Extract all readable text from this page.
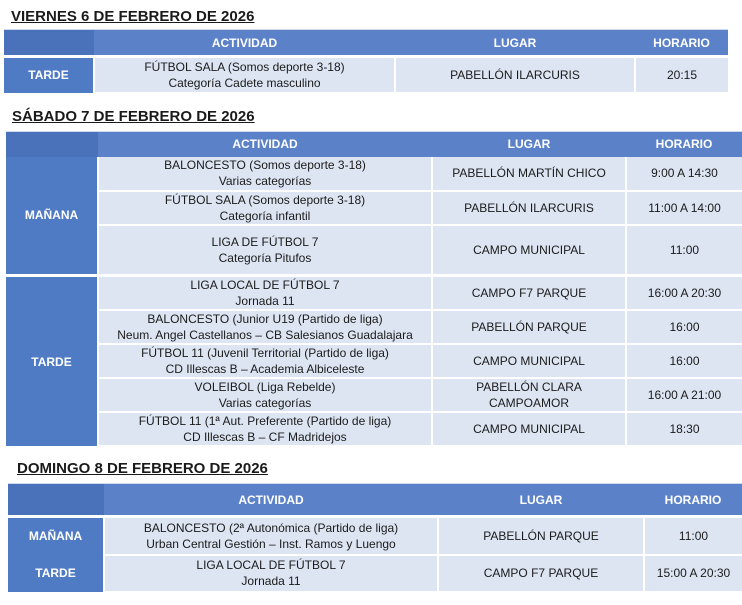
VIERNES 6 DE FEBRERO DE 2026
	ACTIVIDAD	LUGAR	HORARIO
TARDE	FÚTBOL SALA (Somos deporte 3-18)
Categoría Cadete masculino	PABELLÓN ILARCURIS	20:15
SÁBADO 7 DE FEBRERO DE 2026
	ACTIVIDAD	LUGAR	HORARIO
MAÑANA	BALONCESTO (Somos deporte 3-18)
Varias categorías	PABELLÓN MARTÍN CHICO	9:00 A 14:30

	FÚTBOL SALA (Somos deporte 3-18)
Categoría infantil	PABELLÓN ILARCURIS	11:00 A 14:00

	LIGA DE FÚTBOL 7
Categoría Pitufos	CAMPO MUNICIPAL	11:00
TARDE	LIGA LOCAL DE FÚTBOL 7
Jornada 11	CAMPO F7 PARQUE	16:00 A 20:30

	BALONCESTO (Junior U19 (Partido de liga)
Neum. Angel Castellanos – CB Salesianos Guadalajara	PABELLÓN PARQUE	16:00

	FÚTBOL 11 (Juvenil Territorial (Partido de liga)
CD Illescas B – Academia Albiceleste	CAMPO MUNICIPAL	16:00

	VOLEIBOL (Liga Rebelde)
Varias categorías	PABELLÓN CLARA
CAMPOAMOR	16:00 A 21:00

	FÚTBOL 11 (1ª Aut. Preferente (Partido de liga)
CD Illescas B – CF Madridejos	CAMPO MUNICIPAL	18:30
DOMINGO 8 DE FEBRERO DE 2026
	ACTIVIDAD	LUGAR	HORARIO
MAÑANA	BALONCESTO (2ª Autonómica (Partido de liga)
Urban Central Gestión – Inst. Ramos y Luengo	PABELLÓN PARQUE	11:00
TARDE	LIGA LOCAL DE FÚTBOL 7
Jornada 11	CAMPO F7 PARQUE	15:00 A 20:30
